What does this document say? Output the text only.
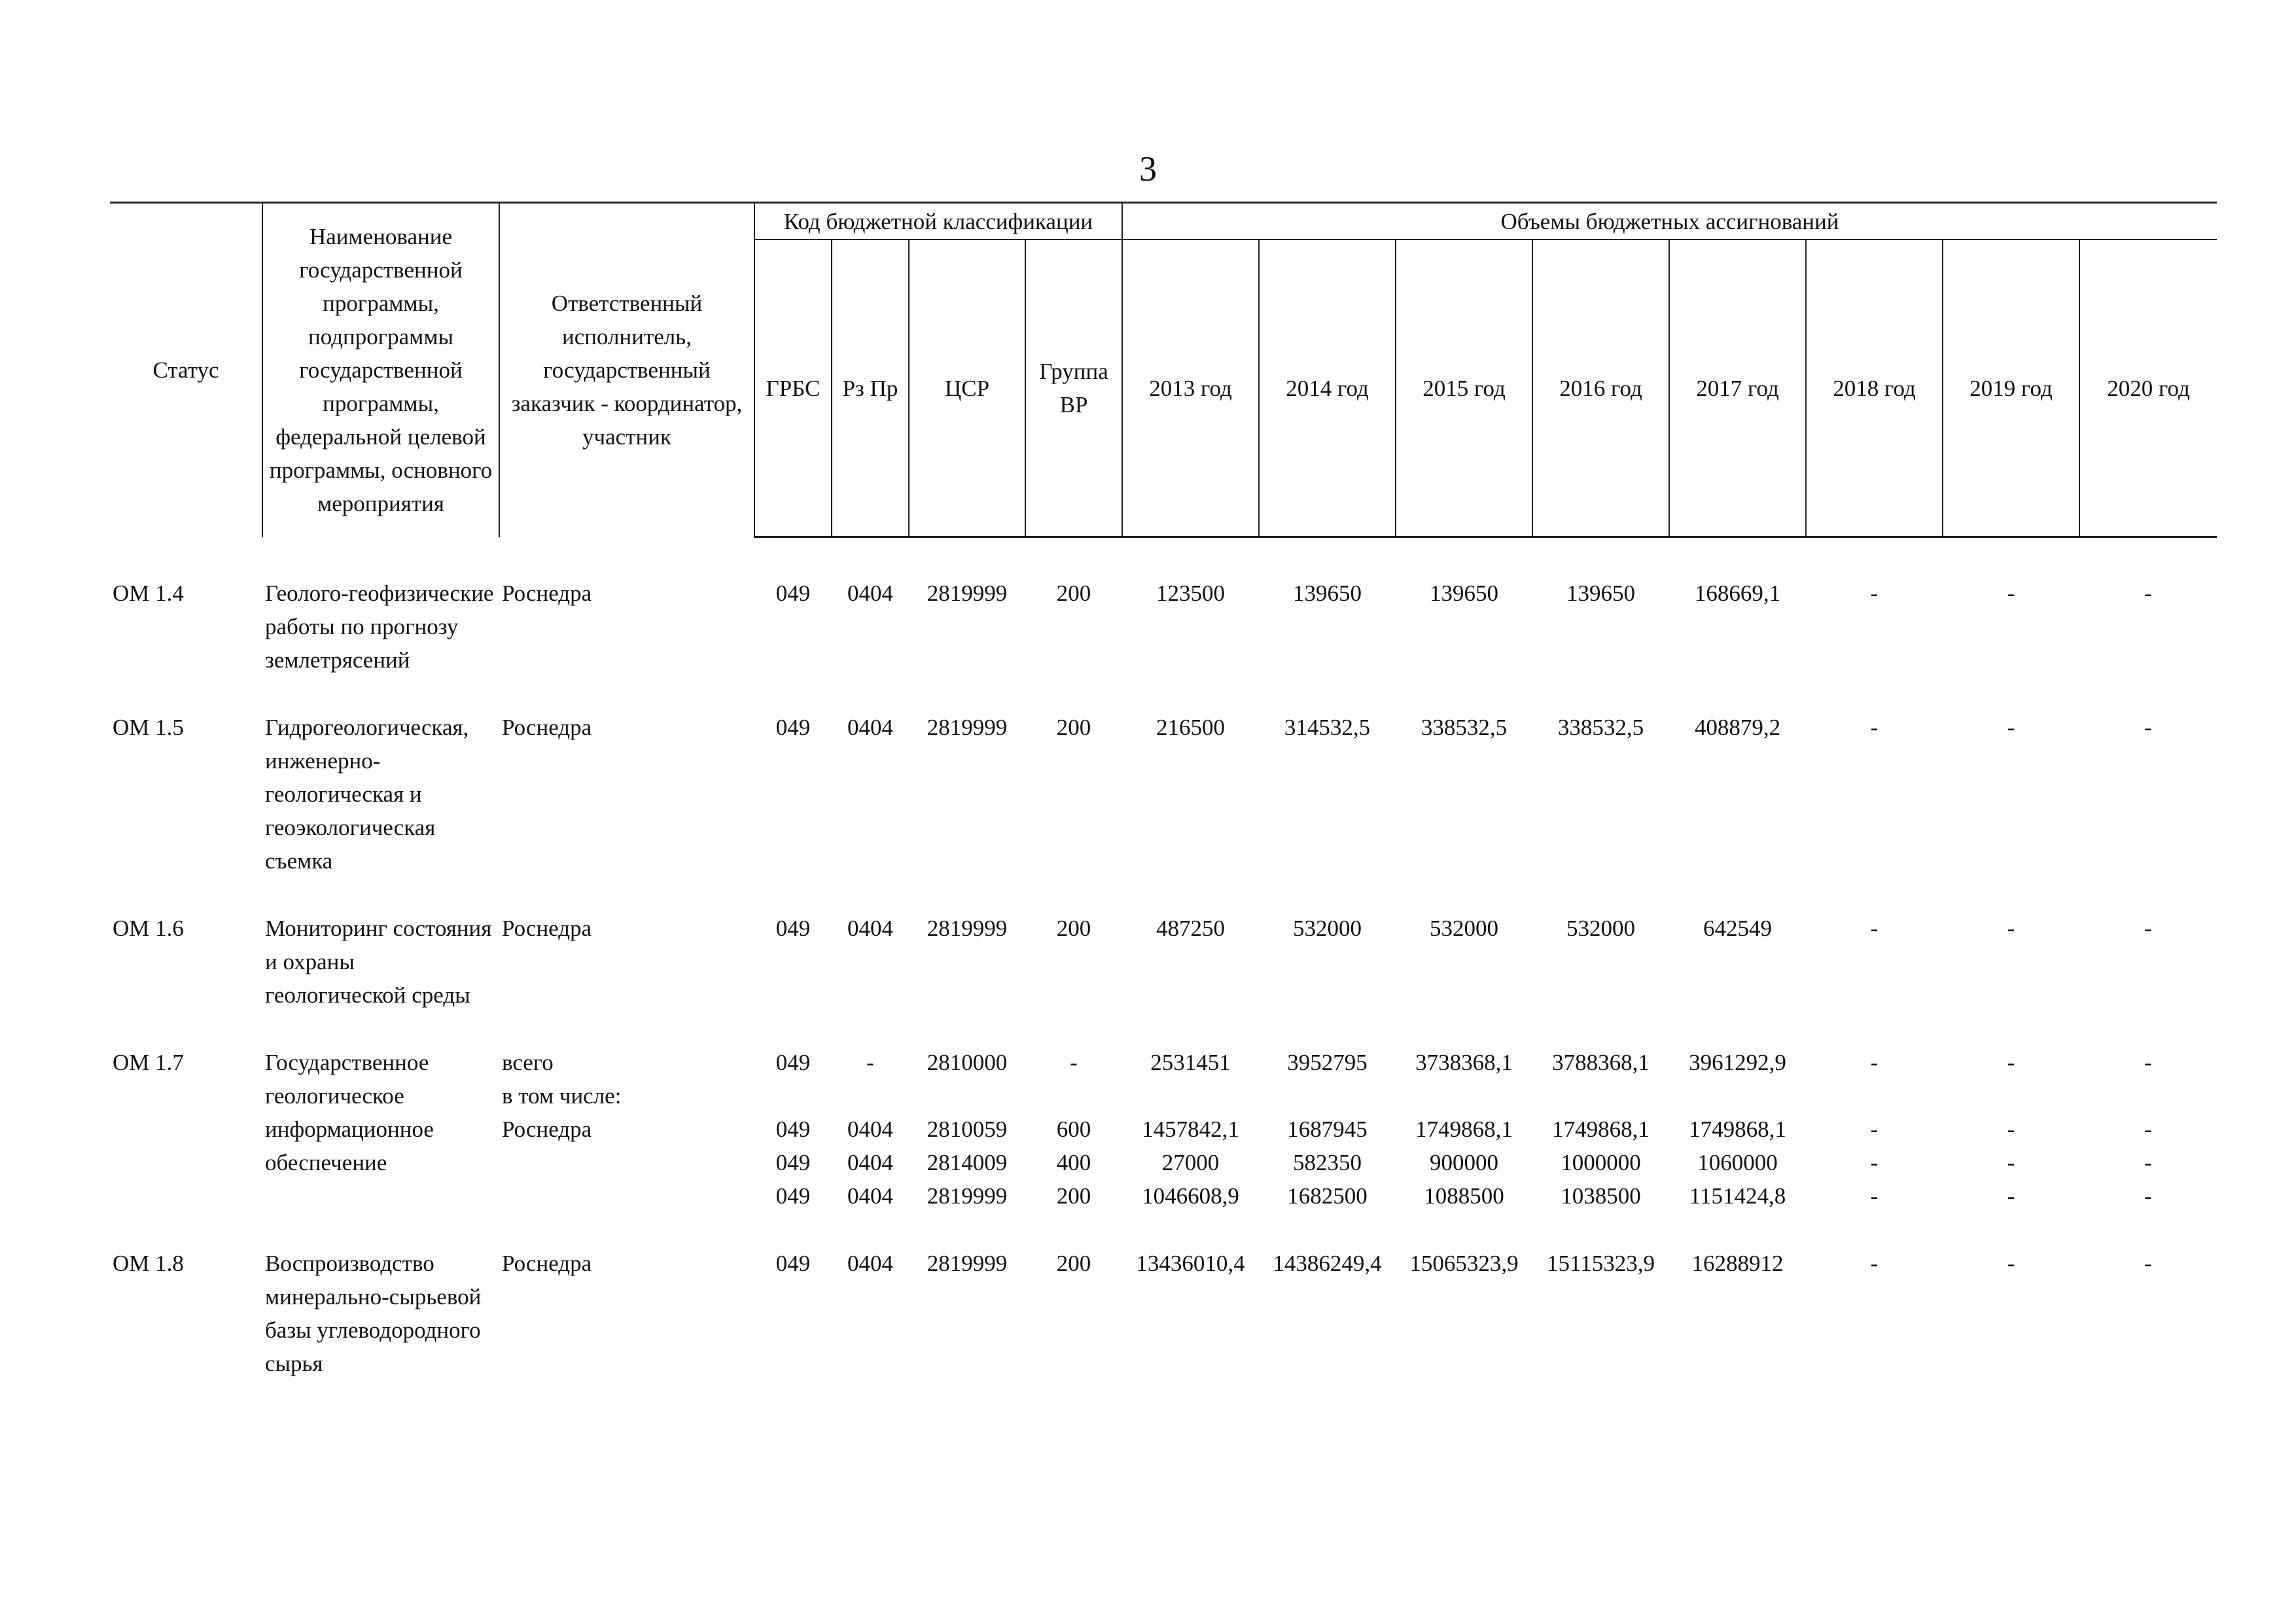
3
Статус	Наименование государственной программы, подпрограммы государственной программы, федеральной целевой программы, основного мероприятия	Ответственный исполнитель, государственный заказчик - координатор, участник	Код бюджетной классификации				Объемы бюджетных ассигнований							
			ГРБС	Рз Пр	ЦСР	Группа ВР	2013 год	2014 год	2015 год	2016 год	2017 год	2018 год	2019 год	2020 год

ОМ 1.4	Геолого-геофизические работы по прогнозу землетрясений	Роснедра	049	0404	2819999	200	123500	139650	139650	139650	168669,1	-	-	-

ОМ 1.5	Гидрогеологическая, инженерно-геологическая и геоэкологическая съемка	Роснедра	049	0404	2819999	200	216500	314532,5	338532,5	338532,5	408879,2	-	-	-

ОМ 1.6	Мониторинг состояния и охраны геологической среды	Роснедра	049	0404	2819999	200	487250	532000	532000	532000	642549	-	-	-

ОМ 1.7	Государственное геологическое информационное обеспечение	всего	049	-	2810000	-	2531451	3952795	3738368,1	3788368,1	3961292,9	-	-	-
		в том числе:												
		Роснедра	049	0404	2810059	600	1457842,1	1687945	1749868,1	1749868,1	1749868,1	-	-	-
			049	0404	2814009	400	27000	582350	900000	1000000	1060000	-	-	-
			049	0404	2819999	200	1046608,9	1682500	1088500	1038500	1151424,8	-	-	-

ОМ 1.8	Воспроизводство минерально-сырьевой базы углеводородного сырья	Роснедра	049	0404	2819999	200	13436010,4	14386249,4	15065323,9	15115323,9	16288912	-	-	-
